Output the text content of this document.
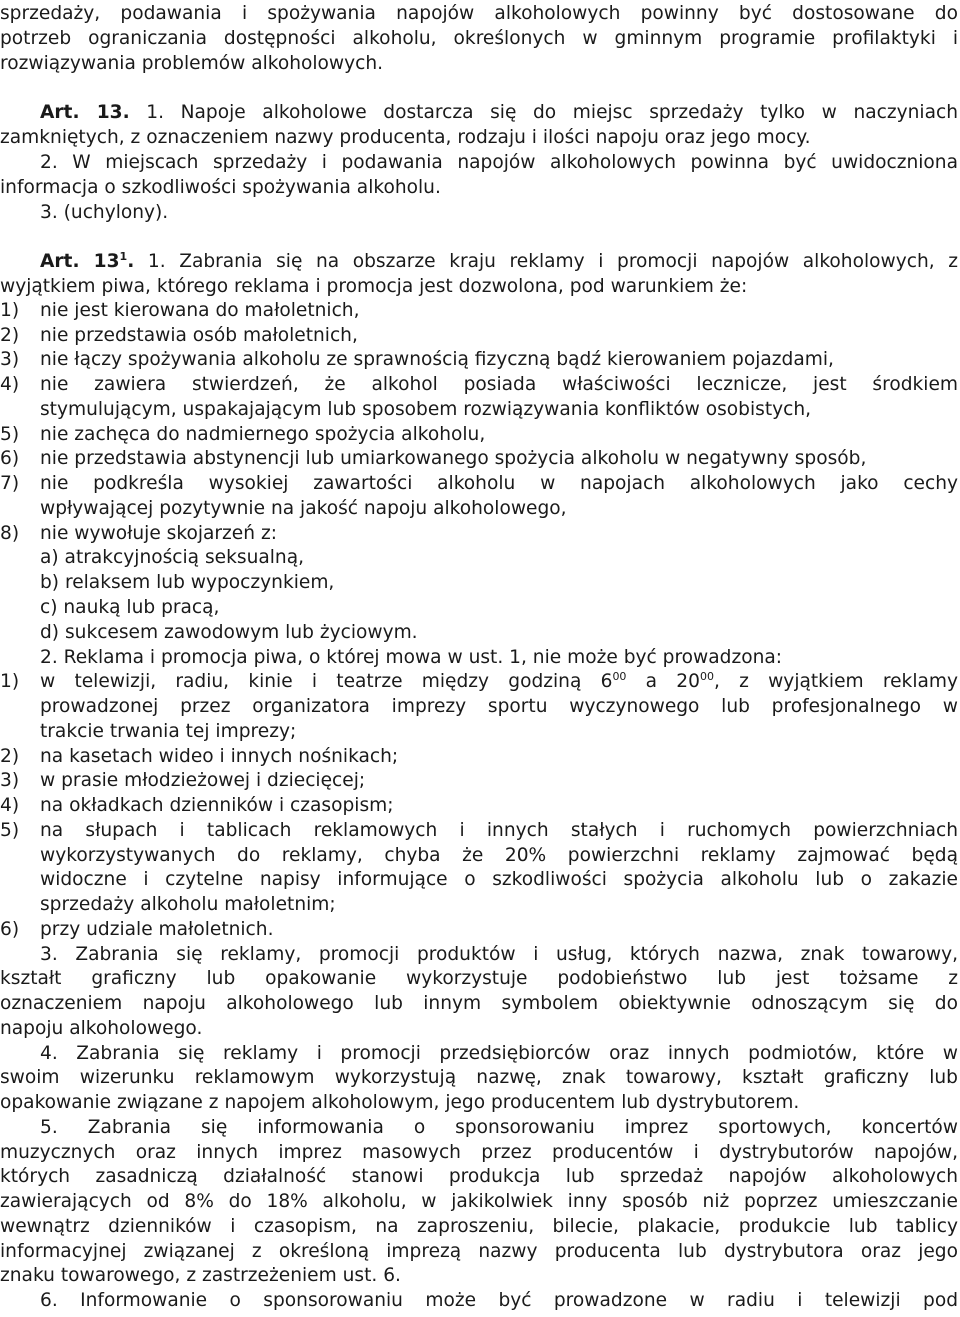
sprzedaży, podawania i spożywania napojów alkoholowych powinny być dostosowane do
potrzeb ograniczania dostępności alkoholu, określonych w gminnym programie profilaktyki i
rozwiązywania problemów alkoholowych.
Art. 13. 1. Napoje alkoholowe dostarcza się do miejsc sprzedaży tylko w naczyniach
zamkniętych, z oznaczeniem nazwy producenta, rodzaju i ilości napoju oraz jego mocy.
2. W miejscach sprzedaży i podawania napojów alkoholowych powinna być uwidoczniona
informacja o szkodliwości spożywania alkoholu.
3. (uchylony).
Art. $13^1$. 1. Zabrania się na obszarze kraju reklamy i promocji napojów alkoholowych, z
wyjątkiem piwa, którego reklama i promocja jest dozwolona, pod warunkiem że:
1)	nie jest kierowana do małoletnich,
2)	nie przedstawia osób małoletnich,
3)	nie łączy spożywania alkoholu ze sprawnością fizyczną bądź kierowaniem pojazdami,
4)	nie zawiera stwierdzeń, że alkohol posiada właściwości lecznicze, jest środkiem
stymulującym, uspakajającym lub sposobem rozwiązywania konfliktów osobistych,
5)	nie zachęca do nadmiernego spożycia alkoholu,
6)	nie przedstawia abstynencji lub umiarkowanego spożycia alkoholu w negatywny sposób,
7)	nie podkreśla wysokiej zawartości alkoholu w napojach alkoholowych jako cechy
wpływającej pozytywnie na jakość napoju alkoholowego,
8)	nie wywołuje skojarzeń z:
a) atrakcyjnością seksualną,
b) relaksem lub wypoczynkiem,
c) nauką lub pracą,
d) sukcesem zawodowym lub życiowym.
2. Reklama i promocja piwa, o której mowa w ust. 1, nie może być prowadzona:
1)	w telewizji, radiu, kinie i teatrze między godziną $6^{00}$ a $20^{00}$, z wyjątkiem reklamy
prowadzonej przez organizatora imprezy sportu wyczynowego lub profesjonalnego w
trakcie trwania tej imprezy;
2)	na kasetach wideo i innych nośnikach;
3)	w prasie młodzieżowej i dziecięcej;
4)	na okładkach dzienników i czasopism;
5)	na słupach i tablicach reklamowych i innych stałych i ruchomych powierzchniach
wykorzystywanych do reklamy, chyba że 20% powierzchni reklamy zajmować będą
widoczne i czytelne napisy informujące o szkodliwości spożycia alkoholu lub o zakazie
sprzedaży alkoholu małoletnim;
6)	przy udziale małoletnich.
3. Zabrania się reklamy, promocji produktów i usług, których nazwa, znak towarowy,
kształt graficzny lub opakowanie wykorzystuje podobieństwo lub jest tożsame z
oznaczeniem napoju alkoholowego lub innym symbolem obiektywnie odnoszącym się do
napoju alkoholowego.
4. Zabrania się reklamy i promocji przedsiębiorców oraz innych podmiotów, które w
swoim wizerunku reklamowym wykorzystują nazwę, znak towarowy, kształt graficzny lub
opakowanie związane z napojem alkoholowym, jego producentem lub dystrybutorem.
5. Zabrania się informowania o sponsorowaniu imprez sportowych, koncertów
muzycznych oraz innych imprez masowych przez producentów i dystrybutorów napojów,
których zasadniczą działalność stanowi produkcja lub sprzedaż napojów alkoholowych
zawierających od 8% do 18% alkoholu, w jakikolwiek inny sposób niż poprzez umieszczanie
wewnątrz dzienników i czasopism, na zaproszeniu, bilecie, plakacie, produkcie lub tablicy
informacyjnej związanej z określoną imprezą nazwy producenta lub dystrybutora oraz jego
znaku towarowego, z zastrzeżeniem ust. 6.
6. Informowanie o sponsorowaniu może być prowadzone w radiu i telewizji pod
